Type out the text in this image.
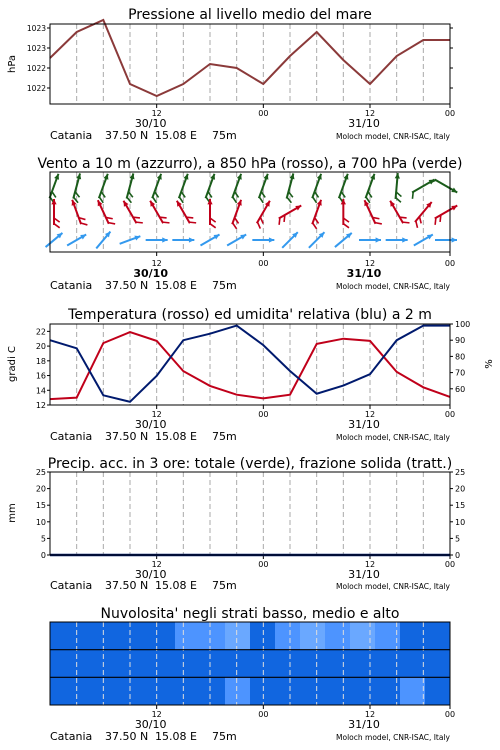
Pressione al livello medio del mare
12	00	12	00
30/10	31/10
Catania 37.50 N 15.08 E 75m	Moloch model, CNR-ISAC, Italy
1022
1022
1023
1023
hPa
Vento a 10 m (azzurro), a 850 hPa (rosso), a 700 hPa (verde)
12	00	12	00
30/10	31/10
Catania 37.50 N 15.08 E 75m	Moloch model, CNR-ISAC, Italy
Temperatura (rosso) ed umidita' relativa (blu) a 2 m
12	00	12	00
30/10	31/10
Catania 37.50 N 15.08 E 75m	Moloch model, CNR-ISAC, Italy
12
14
16
18
20
22
60
70
80
90
100
gradi C	%
Precip. acc. in 3 ore: totale (verde), frazione solida (tratt.)
12	00	12	00
30/10	31/10
Catania 37.50 N 15.08 E 75m	Moloch model, CNR-ISAC, Italy
0	0
5	5
10	10
15	15
20	20
25	25
mm
Nuvolosita' negli strati basso, medio e alto
12	00	12	00
30/10	31/10
Catania 37.50 N 15.08 E 75m	Moloch model, CNR-ISAC, Italy
